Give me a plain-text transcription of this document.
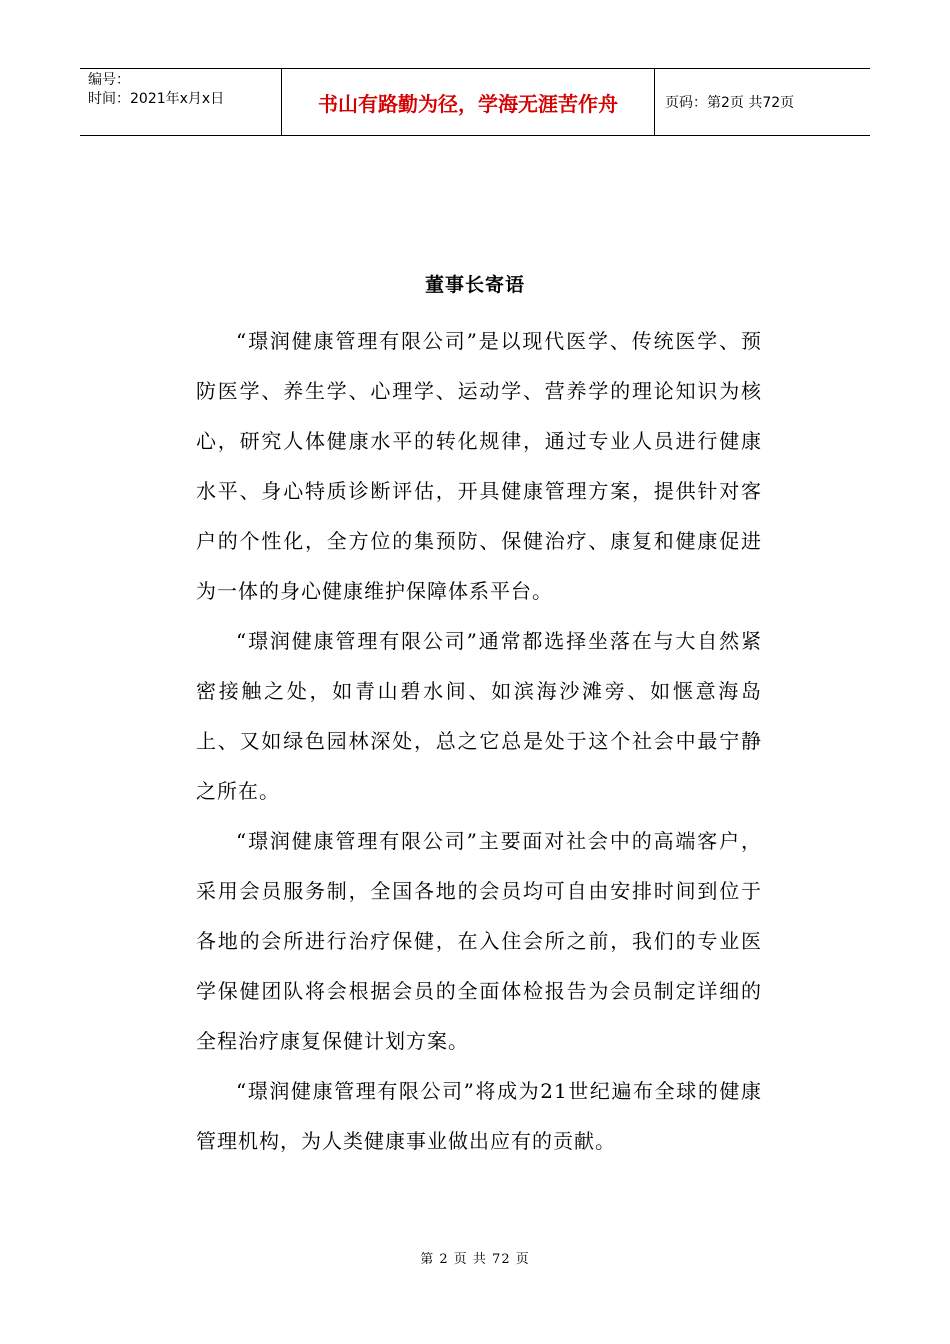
编号：
时间：2021年x月x日	书山有路勤为径，学海无涯苦作舟	页码：第2页 共72页
董事长寄语

“璟润健康管理有限公司”是以现代医学、传统医学、预防医学、养生学、心理学、运动学、营养学的理论知识为核心，研究人体健康水平的转化规律，通过专业人员进行健康水平、身心特质诊断评估，开具健康管理方案，提供针对客户的个性化，全方位的集预防、保健治疗、康复和健康促进为一体的身心健康维护保障体系平台。

“璟润健康管理有限公司”通常都选择坐落在与大自然紧密接触之处，如青山碧水间、如滨海沙滩旁、如惬意海岛上、又如绿色园林深处，总之它总是处于这个社会中最宁静之所在。

“璟润健康管理有限公司”主要面对社会中的高端客户，采用会员服务制，全国各地的会员均可自由安排时间到位于各地的会所进行治疗保健，在入住会所之前，我们的专业医学保健团队将会根据会员的全面体检报告为会员制定详细的全程治疗康复保健计划方案。

“璟润健康管理有限公司”将成为21世纪遍布全球的健康管理机构，为人类健康事业做出应有的贡献。

第 2 页 共 72 页
